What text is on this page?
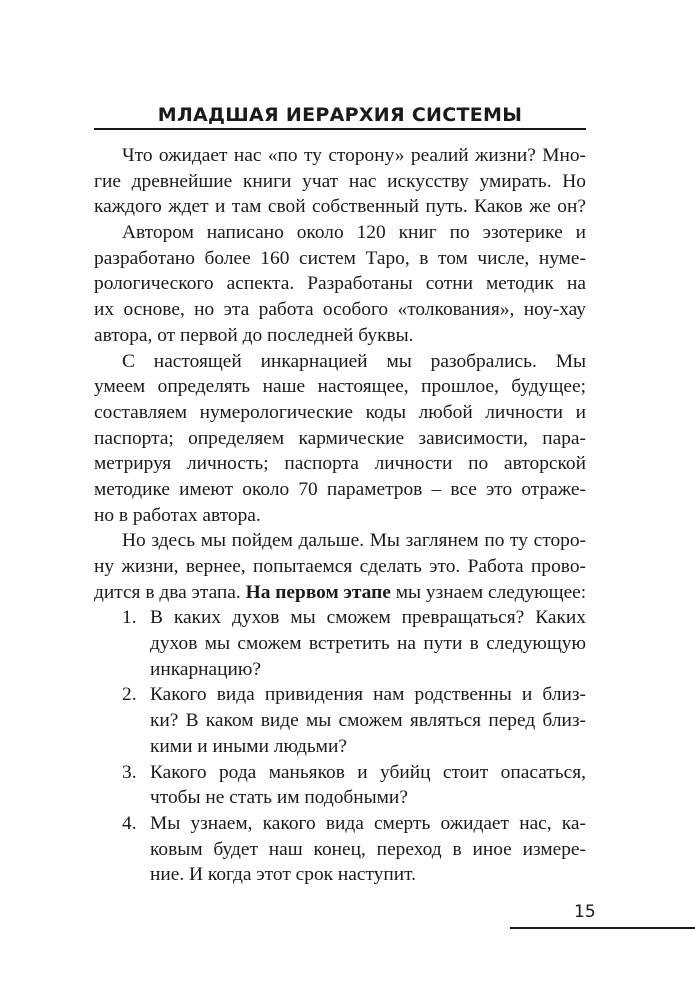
МЛАДШАЯ ИЕРАРХИЯ СИСТЕМЫ
Что ожидает нас «по ту сторону» реалий жизни? Мно-
гие древнейшие книги учат нас искусству умирать. Но
каждого ждет и там свой собственный путь. Каков же он?
Автором написано около 120 книг по эзотерике и
разработано более 160 систем Таро, в том числе, нуме-
рологического аспекта. Разработаны сотни методик на
их основе, но эта работа особого «толкования», ноу-хау
автора, от первой до последней буквы.
С настоящей инкарнацией мы разобрались. Мы
умеем определять наше настоящее, прошлое, будущее;
составляем нумерологические коды любой личности и
паспорта; определяем кармические зависимости, пара-
метрируя личность; паспорта личности по авторской
методике имеют около 70 параметров – все это отраже-
но в работах автора.
Но здесь мы пойдем дальше. Мы заглянем по ту сторо-
ну жизни, вернее, попытаемся сделать это. Работа прово-
дится в два этапа. На первом этапе мы узнаем следующее:
1. В каких духов мы сможем превращаться? Каких
духов мы сможем встретить на пути в следующую
инкарнацию?
2. Какого вида привидения нам родственны и близ-
ки? В каком виде мы сможем являться перед близ-
кими и иными людьми?
3. Какого рода маньяков и убийц стоит опасаться,
чтобы не стать им подобными?
4. Мы узнаем, какого вида смерть ожидает нас, ка-
ковым будет наш конец, переход в иное измере-
ние. И когда этот срок наступит.
15
